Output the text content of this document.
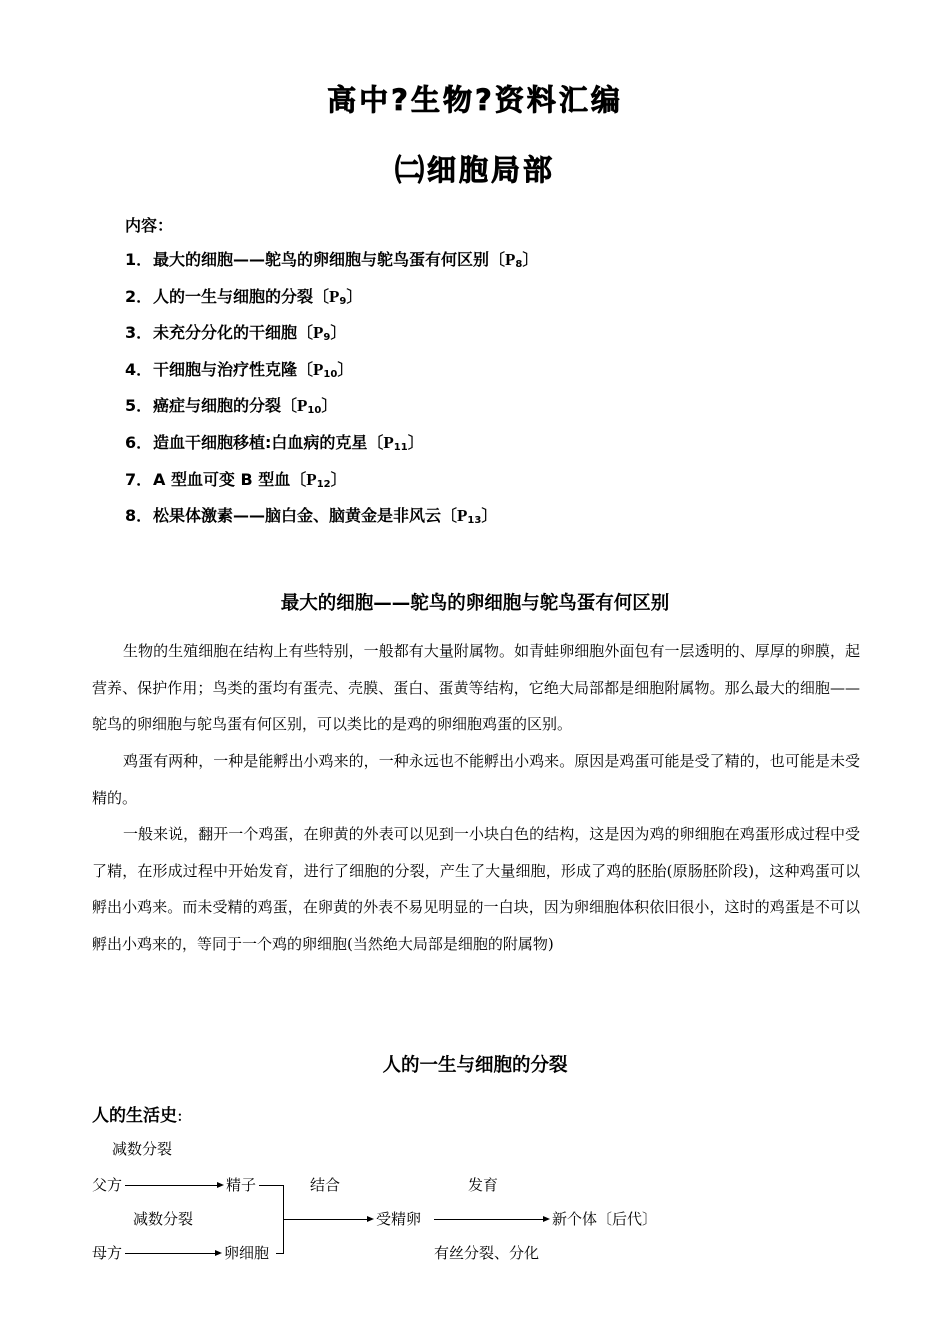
高中?生物?资料汇编
㈡细胞局部
内容：
1．最大的细胞——鸵鸟的卵细胞与鸵鸟蛋有何区别〔$P_8$〕
2．人的一生与细胞的分裂〔$P_9$〕
3．未充分分化的干细胞〔$P_9$〕
4．干细胞与治疗性克隆〔$P_{10}$〕
5．癌症与细胞的分裂〔$P_{10}$〕
6．造血干细胞移植:白血病的克星〔$P_{11}$〕
7．A 型血可变 B 型血〔$P_{12}$〕
8．松果体激素——脑白金、脑黄金是非风云〔$P_{13}$〕
最大的细胞——鸵鸟的卵细胞与鸵鸟蛋有何区别

生物的生殖细胞在结构上有些特别，一般都有大量附属物。如青蛙卵细胞外面包有一层透明的、厚厚的卵膜，起营养、保护作用；鸟类的蛋均有蛋壳、壳膜、蛋白、蛋黄等结构，它绝大局部都是细胞附属物。那么最大的细胞——鸵鸟的卵细胞与鸵鸟蛋有何区别，可以类比的是鸡的卵细胞鸡蛋的区别。

鸡蛋有两种，一种是能孵出小鸡来的，一种永远也不能孵出小鸡来。原因是鸡蛋可能是受了精的，也可能是未受精的。

一般来说，翻开一个鸡蛋，在卵黄的外表可以见到一小块白色的结构，这是因为鸡的卵细胞在鸡蛋形成过程中受了精，在形成过程中开始发育，进行了细胞的分裂，产生了大量细胞，形成了鸡的胚胎(原肠胚阶段)，这种鸡蛋可以孵出小鸡来。而未受精的鸡蛋，在卵黄的外表不易见明显的一白块，因为卵细胞体积依旧很小，这时的鸡蛋是不可以孵出小鸡来的，等同于一个鸡的卵细胞(当然绝大局部是细胞的附属物)

人的一生与细胞的分裂
人的生活史:
减数分裂
父方	精子	结合	发育
减数分裂	受精卵	新个体〔后代〕
母方	卵细胞	有丝分裂、分化
